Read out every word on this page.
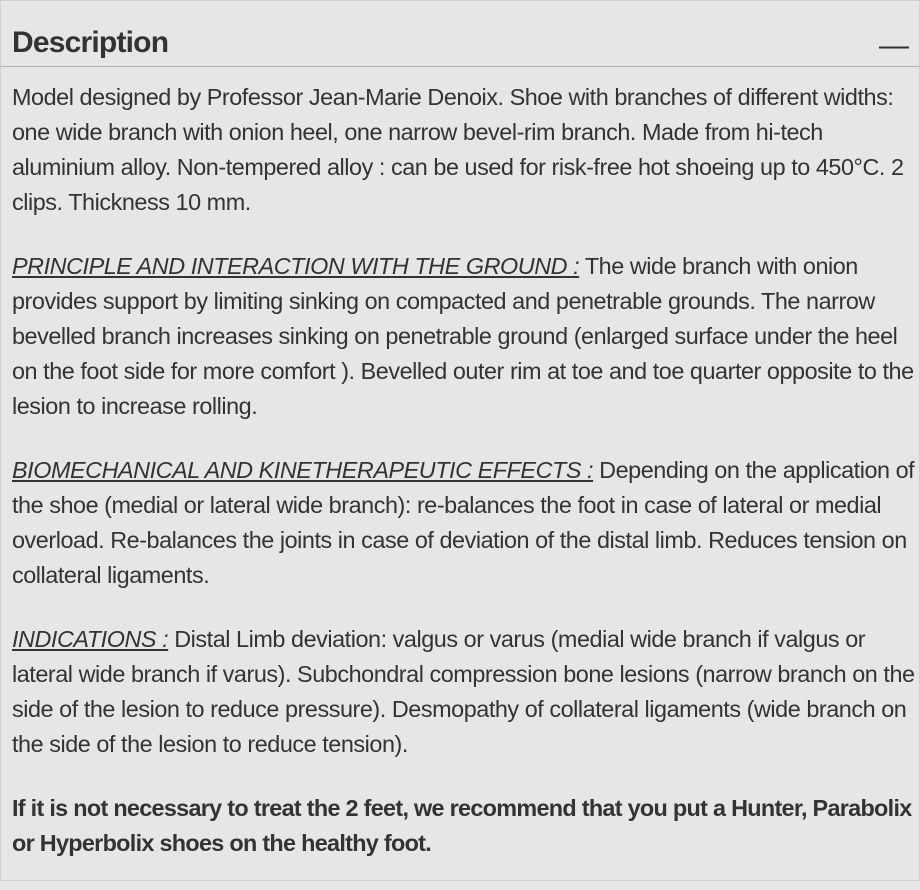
Description	—

Model designed by Professor Jean-Marie Denoix. Shoe with branches of different widths: one wide branch with onion heel, one narrow bevel-rim branch. Made from hi-tech aluminium alloy. Non-tempered alloy : can be used for risk-free hot shoeing up to 450°C. 2 clips. Thickness 10 mm.

PRINCIPLE AND INTERACTION WITH THE GROUND : The wide branch with onion provides support by limiting sinking on compacted and penetrable grounds. The narrow bevelled branch increases sinking on penetrable ground (enlarged surface under the heel on the foot side for more comfort ). Bevelled outer rim at toe and toe quarter opposite to the lesion to increase rolling.

BIOMECHANICAL AND KINETHERAPEUTIC EFFECTS : Depending on the application of the shoe (medial or lateral wide branch): re-balances the foot in case of lateral or medial overload. Re-balances the joints in case of deviation of the distal limb. Reduces tension on collateral ligaments.

INDICATIONS : Distal Limb deviation: valgus or varus (medial wide branch if valgus or lateral wide branch if varus). Subchondral compression bone lesions (narrow branch on the side of the lesion to reduce pressure). Desmopathy of collateral ligaments (wide branch on the side of the lesion to reduce tension).

If it is not necessary to treat the 2 feet, we recommend that you put a Hunter, Parabolix or Hyperbolix shoes on the healthy foot.
